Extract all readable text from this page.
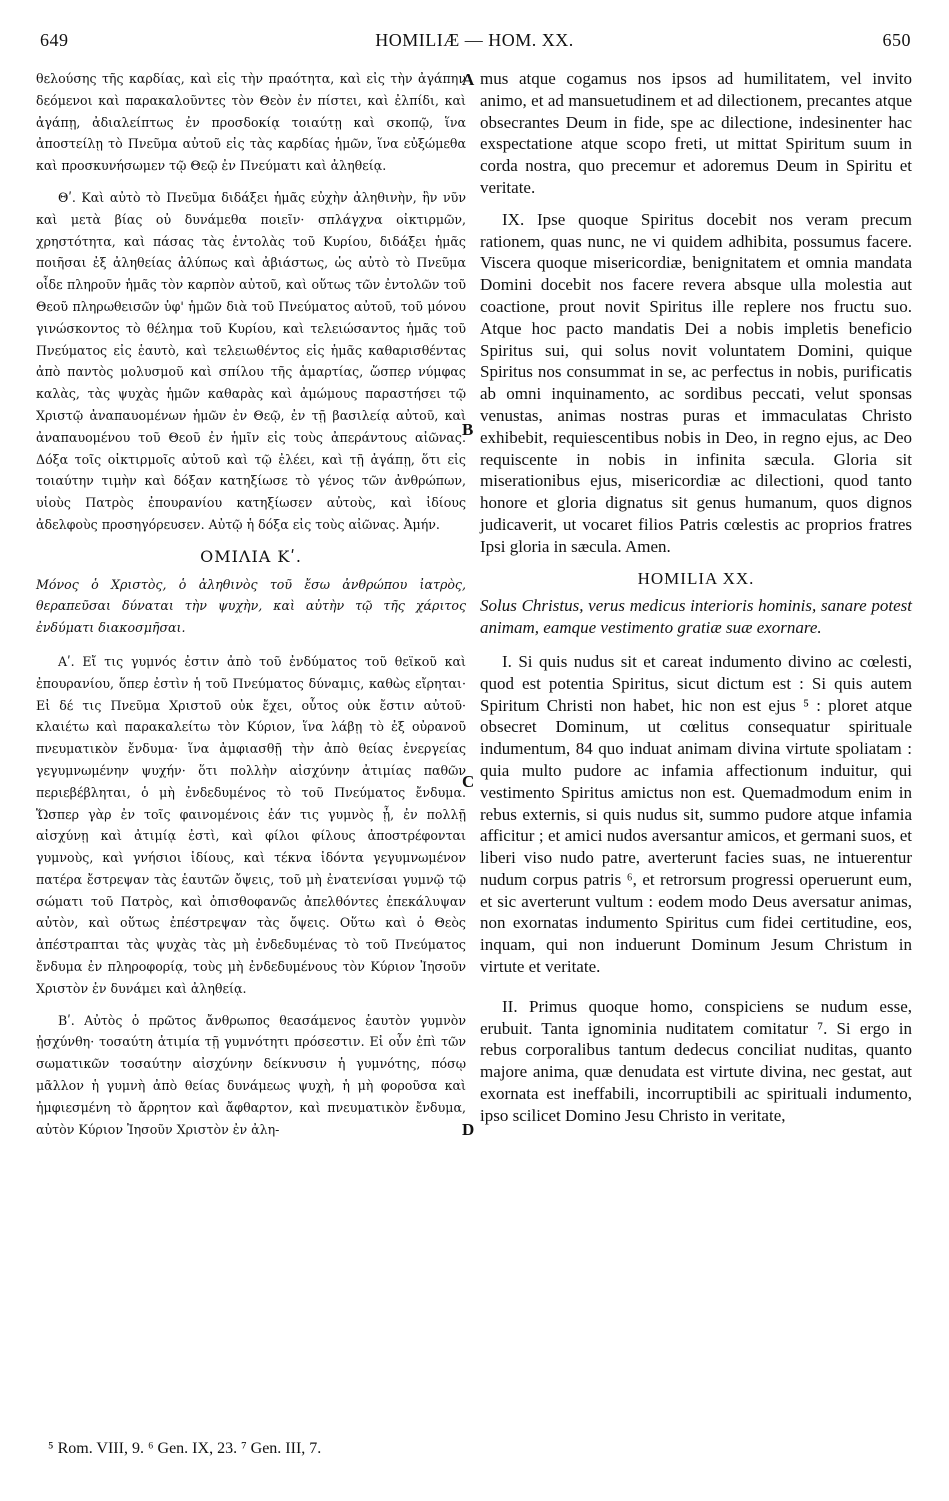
649	HOMILIÆ — HOM. XX.	650

θελούσης τῆς καρδίας, καὶ εἰς τὴν πραότητα, καὶ εἰς τὴν ἀγάπην δεόμενοι καὶ παρακαλοῦντες τὸν Θεὸν ἐν πίστει, καὶ ἐλπίδι, καὶ ἀγάπῃ, ἀδιαλείπτως ἐν προσδοκίᾳ τοιαύτῃ καὶ σκοπῷ, ἵνα ἀποστείλῃ τὸ Πνεῦμα αὐτοῦ εἰς τὰς καρδίας ἡμῶν, ἵνα εὐξώμεθα καὶ προσκυνήσωμεν τῷ Θεῷ ἐν Πνεύματι καὶ ἀληθείᾳ.

Θʹ. Καὶ αὐτὸ τὸ Πνεῦμα διδάξει ἡμᾶς εὐχὴν ἀληθινὴν, ἣν νῦν καὶ μετὰ βίας οὐ δυνάμεθα ποιεῖν· σπλάγχνα οἰκτιρμῶν, χρηστότητα, καὶ πάσας τὰς ἐντολὰς τοῦ Κυρίου, διδάξει ἡμᾶς ποιῆσαι ἐξ ἀληθείας ἀλύπως καὶ ἀβιάστως, ὡς αὐτὸ τὸ Πνεῦμα οἶδε πληροῦν ἡμᾶς τὸν καρπὸν αὐτοῦ, καὶ οὕτως τῶν ἐντολῶν τοῦ Θεοῦ πληρωθεισῶν ὑφ' ἡμῶν διὰ τοῦ Πνεύματος αὐτοῦ, τοῦ μόνου γινώσκοντος τὸ θέλημα τοῦ Κυρίου, καὶ τελειώσαντος ἡμᾶς τοῦ Πνεύματος εἰς ἑαυτὸ, καὶ τελειωθέντος εἰς ἡμᾶς καθαρισθέντας ἀπὸ παντὸς μολυσμοῦ καὶ σπίλου τῆς ἁμαρτίας, ὥσπερ νύμφας καλὰς, τὰς ψυχὰς ἡμῶν καθαρὰς καὶ ἀμώμους παραστήσει τῷ Χριστῷ ἀναπαυομένων ἡμῶν ἐν Θεῷ, ἐν τῇ βασιλείᾳ αὐτοῦ, καὶ ἀναπαυομένου τοῦ Θεοῦ ἐν ἡμῖν εἰς τοὺς ἀπεράντους αἰῶνας. Δόξα τοῖς οἰκτιρμοῖς αὐτοῦ καὶ τῷ ἐλέει, καὶ τῇ ἀγάπῃ, ὅτι εἰς τοιαύτην τιμὴν καὶ δόξαν κατηξίωσε τὸ γένος τῶν ἀνθρώπων, υἱοὺς Πατρὸς ἐπουρανίου κατηξίωσεν αὐτοὺς, καὶ ἰδίους ἀδελφοὺς προσηγόρευσεν. Αὐτῷ ἡ δόξα εἰς τοὺς αἰῶνας. Ἀμήν.

ΟΜΙΛΙΑ Κʹ.

Μόνος ὁ Χριστὸς, ὁ ἀληθινὸς τοῦ ἔσω ἀνθρώπου ἰατρὸς, θεραπεῦσαι δύναται τὴν ψυχὴν, καὶ αὐτὴν τῷ τῆς χάριτος ἐνδύματι διακοσμῆσαι.

Αʹ. Εἴ τις γυμνός ἐστιν ἀπὸ τοῦ ἐνδύματος τοῦ θεϊκοῦ καὶ ἐπουρανίου, ὅπερ ἐστὶν ἡ τοῦ Πνεύματος δύναμις, καθὼς εἴρηται· Εἰ δέ τις Πνεῦμα Χριστοῦ οὐκ ἔχει, οὗτος οὐκ ἔστιν αὐτοῦ· κλαιέτω καὶ παρακαλείτω τὸν Κύριον, ἵνα λάβῃ τὸ ἐξ οὐρανοῦ πνευματικὸν ἔνδυμα· ἵνα ἀμφιασθῇ τὴν ἀπὸ θείας ἐνεργείας γεγυμνωμένην ψυχήν· ὅτι πολλὴν αἰσχύνην ἀτιμίας παθῶν περιεβέβληται, ὁ μὴ ἐνδεδυμένος τὸ τοῦ Πνεύματος ἔνδυμα. Ὥσπερ γὰρ ἐν τοῖς φαινομένοις ἐάν τις γυμνὸς ᾖ, ἐν πολλῇ αἰσχύνῃ καὶ ἀτιμίᾳ ἐστὶ, καὶ φίλοι φίλους ἀποστρέφονται γυμνοὺς, καὶ γνήσιοι ἰδίους, καὶ τέκνα ἰδόντα γεγυμνωμένον πατέρα ἔστρεψαν τὰς ἑαυτῶν ὄψεις, τοῦ μὴ ἐνατενίσαι γυμνῷ τῷ σώματι τοῦ Πατρὸς, καὶ ὀπισθοφανῶς ἀπελθόντες ἐπεκάλυψαν αὐτὸν, καὶ οὕτως ἐπέστρεψαν τὰς ὄψεις. Οὕτω καὶ ὁ Θεὸς ἀπέστραπται τὰς ψυχὰς τὰς μὴ ἐνδεδυμένας τὸ τοῦ Πνεύματος ἔνδυμα ἐν πληροφορίᾳ, τοὺς μὴ ἐνδεδυμένους τὸν Κύριον Ἰησοῦν Χριστὸν ἐν δυνάμει καὶ ἀληθείᾳ.

Βʹ. Αὐτὸς ὁ πρῶτος ἄνθρωπος θεασάμενος ἑαυτὸν γυμνὸν ᾐσχύνθη· τοσαύτη ἀτιμία τῇ γυμνότητι πρόσεστιν. Εἰ οὖν ἐπὶ τῶν σωματικῶν τοσαύτην αἰσχύνην δείκνυσιν ἡ γυμνότης, πόσῳ μᾶλλον ἡ γυμνὴ ἀπὸ θείας δυνάμεως ψυχὴ, ἡ μὴ φοροῦσα καὶ ἠμφιεσμένη τὸ ἄρρητον καὶ ἄφθαρτον, καὶ πνευματικὸν ἔνδυμα, αὐτὸν Κύριον Ἰησοῦν Χριστὸν ἐν ἀλη-

mus atque cogamus nos ipsos ad humilitatem, vel invito animo, et ad mansuetudinem et ad dilectionem, precantes atque obsecrantes Deum in fide, spe ac dilectione, indesinenter hac exspectatione atque scopo freti, ut mittat Spiritum suum in corda nostra, quo precemur et adoremus Deum in Spiritu et veritate.

IX. Ipse quoque Spiritus docebit nos veram precum rationem, quas nunc, ne vi quidem adhibita, possumus facere. Viscera quoque misericordiæ, benignitatem et omnia mandata Domini docebit nos facere revera absque ulla molestia aut coactione, prout novit Spiritus ille replere nos fructu suo. Atque hoc pacto mandatis Dei a nobis impletis beneficio Spiritus sui, qui solus novit voluntatem Domini, quique Spiritus nos consummat in se, ac perfectus in nobis, purificatis ab omni inquinamento, ac sordibus peccati, velut sponsas venustas, animas nostras puras et immaculatas Christo exhibebit, requiescentibus nobis in Deo, in regno ejus, ac Deo requiscente in nobis in infinita sæcula. Gloria sit miserationibus ejus, misericordiæ ac dilectioni, quod tanto honore et gloria dignatus sit genus humanum, quos dignos judicaverit, ut vocaret filios Patris cœlestis ac proprios fratres Ipsi gloria in sæcula. Amen.

HOMILIA XX.

Solus Christus, verus medicus interioris hominis, sanare potest animam, eamque vestimento gratiæ suæ exornare.

I. Si quis nudus sit et careat indumento divino ac cœlesti, quod est potentia Spiritus, sicut dictum est : Si quis autem Spiritum Christi non habet, hic non est ejus ⁵ : ploret atque obsecret Dominum, ut cœlitus consequatur spirituale indumentum, 84 quo induat animam divina virtute spoliatam : quia multo pudore ac infamia affectionum induitur, qui vestimento Spiritus amictus non est. Quemadmodum enim in rebus externis, si quis nudus sit, summo pudore atque infamia afficitur ; et amici nudos aversantur amicos, et germani suos, et liberi viso nudo patre, averterunt facies suas, ne intuerentur nudum corpus patris ⁶, et retrorsum progressi operuerunt eum, et sic averterunt vultum : eodem modo Deus aversatur animas, non exornatas indumento Spiritus cum fidei certitudine, eos, inquam, qui non induerunt Dominum Jesum Christum in virtute et veritate.

II. Primus quoque homo, conspiciens se nudum esse, erubuit. Tanta ignominia nuditatem comitatur ⁷. Si ergo in rebus corporalibus tantum dedecus conciliat nuditas, quanto majore anima, quæ denudata est virtute divina, nec gestat, aut exornata est ineffabili, incorruptibili ac spirituali indumento, ipso scilicet Domino Jesu Christo in veritate,

A
B
C
D
⁵ Rom. VIII, 9. ⁶ Gen. IX, 23. ⁷ Gen. III, 7.
